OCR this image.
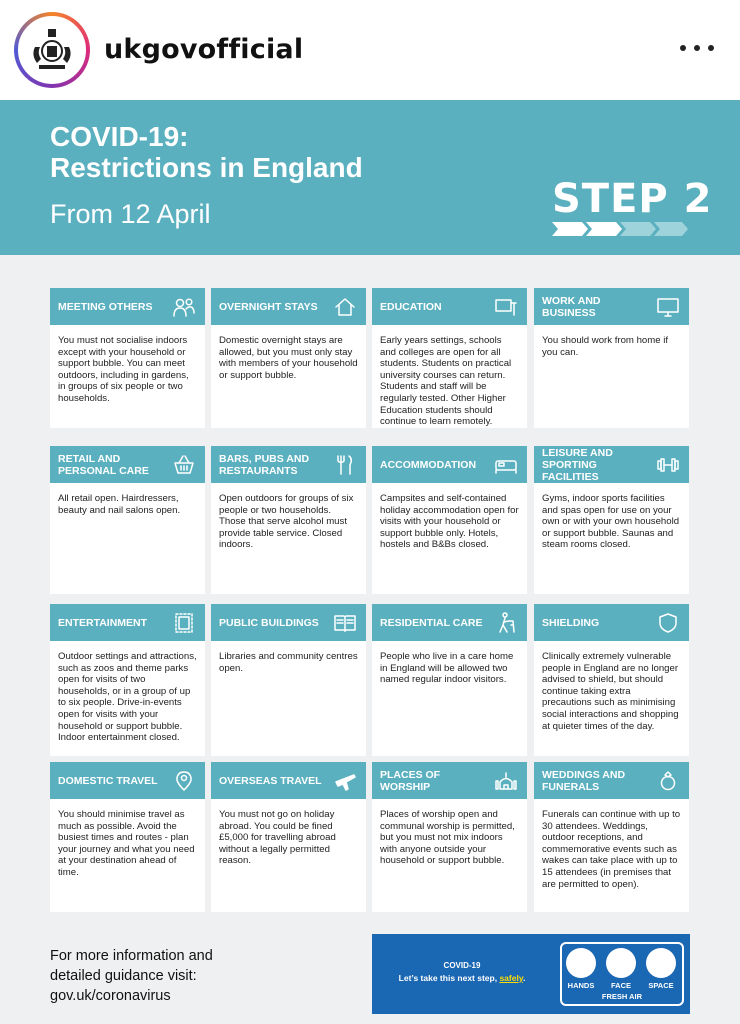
ukgovofficial
COVID-19:
Restrictions in England
From 12 April	STEP 2
MEETING OTHERS
You must not socialise indoors except with your household or support bubble. You can meet outdoors, including in gardens, in groups of six people or two households.
OVERNIGHT STAYS
Domestic overnight stays are allowed, but you must only stay with members of your household or support bubble.
EDUCATION
Early years settings, schools and colleges are open for all students. Students on practical university courses can return. Students and staff will be regularly tested. Other Higher Education students should continue to learn remotely.
WORK AND BUSINESS
You should work from home if you can.
RETAIL AND PERSONAL CARE
All retail open. Hairdressers, beauty and nail salons open.
BARS, PUBS AND RESTAURANTS
Open outdoors for groups of six people or two households. Those that serve alcohol must provide table service. Closed indoors.
ACCOMMODATION
Campsites and self-contained holiday accommodation open for visits with your household or support bubble only. Hotels, hostels and B&Bs closed.
LEISURE AND SPORTING FACILITIES
Gyms, indoor sports facilities and spas open for use on your own or with your own household or support bubble. Saunas and steam rooms closed.
ENTERTAINMENT
Outdoor settings and attractions, such as zoos and theme parks open for visits of two households, or in a group of up to six people. Drive-in-events open for visits with your household or support bubble. Indoor entertainment closed.
PUBLIC BUILDINGS
Libraries and community centres open.
RESIDENTIAL CARE
People who live in a care home in England will be allowed two named regular indoor visitors.
SHIELDING
Clinically extremely vulnerable people in England are no longer advised to shield, but should continue taking extra precautions such as minimising social interactions and shopping at quieter times of the day.
DOMESTIC TRAVEL
You should minimise travel as much as possible. Avoid the busiest times and routes - plan your journey and what you need at your destination ahead of time.
OVERSEAS TRAVEL
You must not go on holiday abroad. You could be fined £5,000 for travelling abroad without a legally permitted reason.
PLACES OF WORSHIP
Places of worship open and communal worship is permitted, but you must not mix indoors with anyone outside your household or support bubble.
WEDDINGS AND FUNERALS
Funerals can continue with up to 30 attendees. Weddings, outdoor receptions, and commemorative events such as wakes can take place with up to 15 attendees (in premises that are permitted to open).
For more information and
detailed guidance visit:
gov.uk/coronavirus
COVID-19
Let’s take this next step, safely.
HANDS	FACE	SPACE
FRESH AIR
